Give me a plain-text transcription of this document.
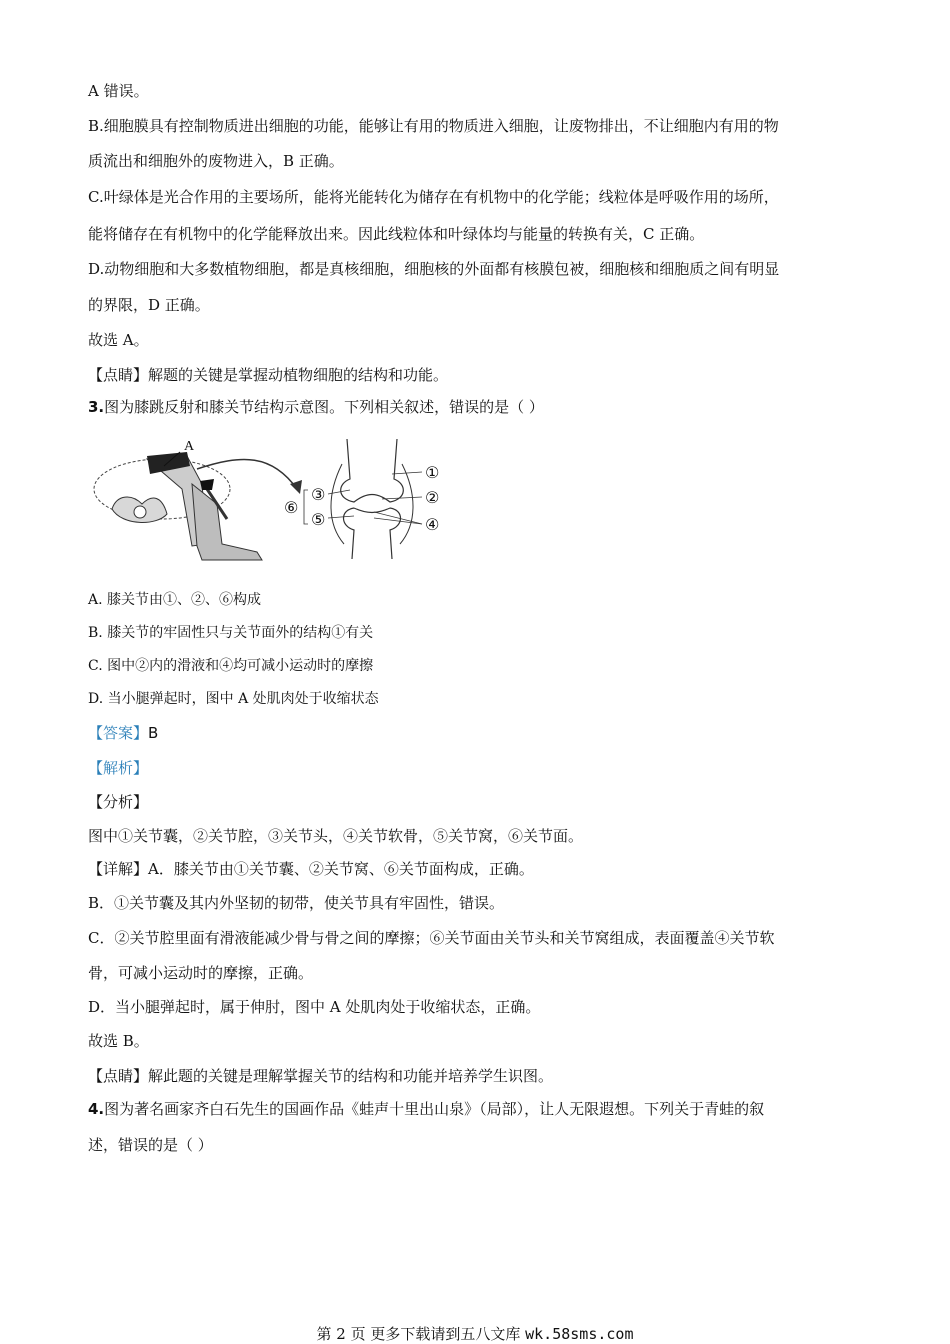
A 错误。
B.细胞膜具有控制物质进出细胞的功能，能够让有用的物质进入细胞，让废物排出，不让细胞内有用的物
质流出和细胞外的废物进入，B 正确。
C.叶绿体是光合作用的主要场所，能将光能转化为储存在有机物中的化学能；线粒体是呼吸作用的场所，
能将储存在有机物中的化学能释放出来。因此线粒体和叶绿体均与能量的转换有关，C 正确。
D.动物细胞和大多数植物细胞，都是真核细胞，细胞核的外面都有核膜包被，细胞核和细胞质之间有明显
的界限，D 正确。
故选 A。
【点睛】解题的关键是掌握动植物细胞的结构和功能。
3.图为膝跳反射和膝关节结构示意图。下列相关叙述，错误的是（ ）
A
①
②
④
③
⑤
⑥
A. 膝关节由①、②、⑥构成
B. 膝关节的牢固性只与关节面外的结构①有关
C. 图中②内的滑液和④均可减小运动时的摩擦
D. 当小腿弹起时，图中 A 处肌肉处于收缩状态
【答案】B
【解析】
【分析】
图中①关节囊，②关节腔，③关节头，④关节软骨，⑤关节窝，⑥关节面。
【详解】A．膝关节由①关节囊、②关节窝、⑥关节面构成，正确。
B．①关节囊及其内外坚韧的韧带，使关节具有牢固性，错误。
C．②关节腔里面有滑液能减少骨与骨之间的摩擦；⑥关节面由关节头和关节窝组成，表面覆盖④关节软
骨，可减小运动时的摩擦，正确。
D．当小腿弹起时，属于伸肘，图中 A 处肌肉处于收缩状态，正确。
故选 B。
【点睛】解此题的关键是理解掌握关节的结构和功能并培养学生识图。
4.图为著名画家齐白石先生的国画作品《蛙声十里出山泉》（局部），让人无限遐想。下列关于青蛙的叙
述，错误的是（ ）
第 2 页 更多下载请到五八文库 wk.58sms.com
